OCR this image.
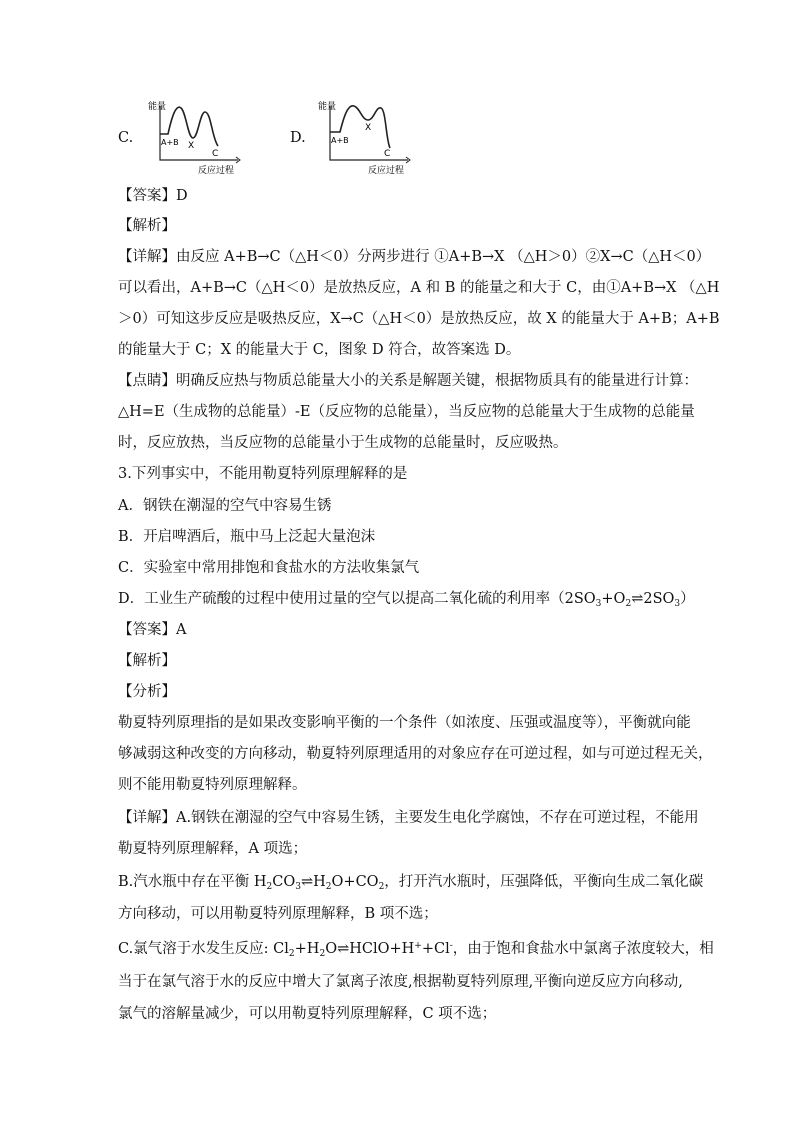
C.
能量
A+B X
C
反应过程
D.
能量
A+B
X
C
反应过程
【答案】D
【解析】
【详解】由反应 A+B→C（△H＜0）分两步进行 ①A+B→X （△H＞0）②X→C（△H＜0）
可以看出，A+B→C（△H＜0）是放热反应，A 和 B 的能量之和大于 C，由①A+B→X （△H
＞0）可知这步反应是吸热反应，X→C（△H＜0）是放热反应，故 X 的能量大于 A+B；A+B
的能量大于 C；X 的能量大于 C，图象 D 符合，故答案选 D。
【点睛】明确反应热与物质总能量大小的关系是解题关键，根据物质具有的能量进行计算：
△H=E（生成物的总能量）-E（反应物的总能量），当反应物的总能量大于生成物的总能量
时，反应放热，当反应物的总能量小于生成物的总能量时，反应吸热。
3.下列事实中，不能用勒夏特列原理解释的是
A．钢铁在潮湿的空气中容易生锈
B．开启啤酒后，瓶中马上泛起大量泡沫
C．实验室中常用排饱和食盐水的方法收集氯气
D．工业生产硫酸的过程中使用过量的空气以提高二氧化硫的利用率$(2SO_3+O_2\rightleftharpoons 2SO_3)$
【答案】A
【解析】
【分析】
勒夏特列原理指的是如果改变影响平衡的一个条件（如浓度、压强或温度等），平衡就向能
够减弱这种改变的方向移动，勒夏特列原理适用的对象应存在可逆过程，如与可逆过程无关，
则不能用勒夏特列原理解释。
【详解】A.钢铁在潮湿的空气中容易生锈，主要发生电化学腐蚀，不存在可逆过程，不能用
勒夏特列原理解释，A 项选；
B.汽水瓶中存在平衡 $H_2CO_3\rightleftharpoons H_2O+CO_2$，打开汽水瓶时，压强降低，平衡向生成二氧化碳
方向移动，可以用勒夏特列原理解释，B 项不选；
C.氯气溶于水发生反应: $Cl_2+H_2O\rightleftharpoons HClO+H^++Cl^-$，由于饱和食盐水中氯离子浓度较大，相
当于在氯气溶于水的反应中增大了氯离子浓度,根据勒夏特列原理,平衡向逆反应方向移动,
氯气的溶解量减少，可以用勒夏特列原理解释，C 项不选；
